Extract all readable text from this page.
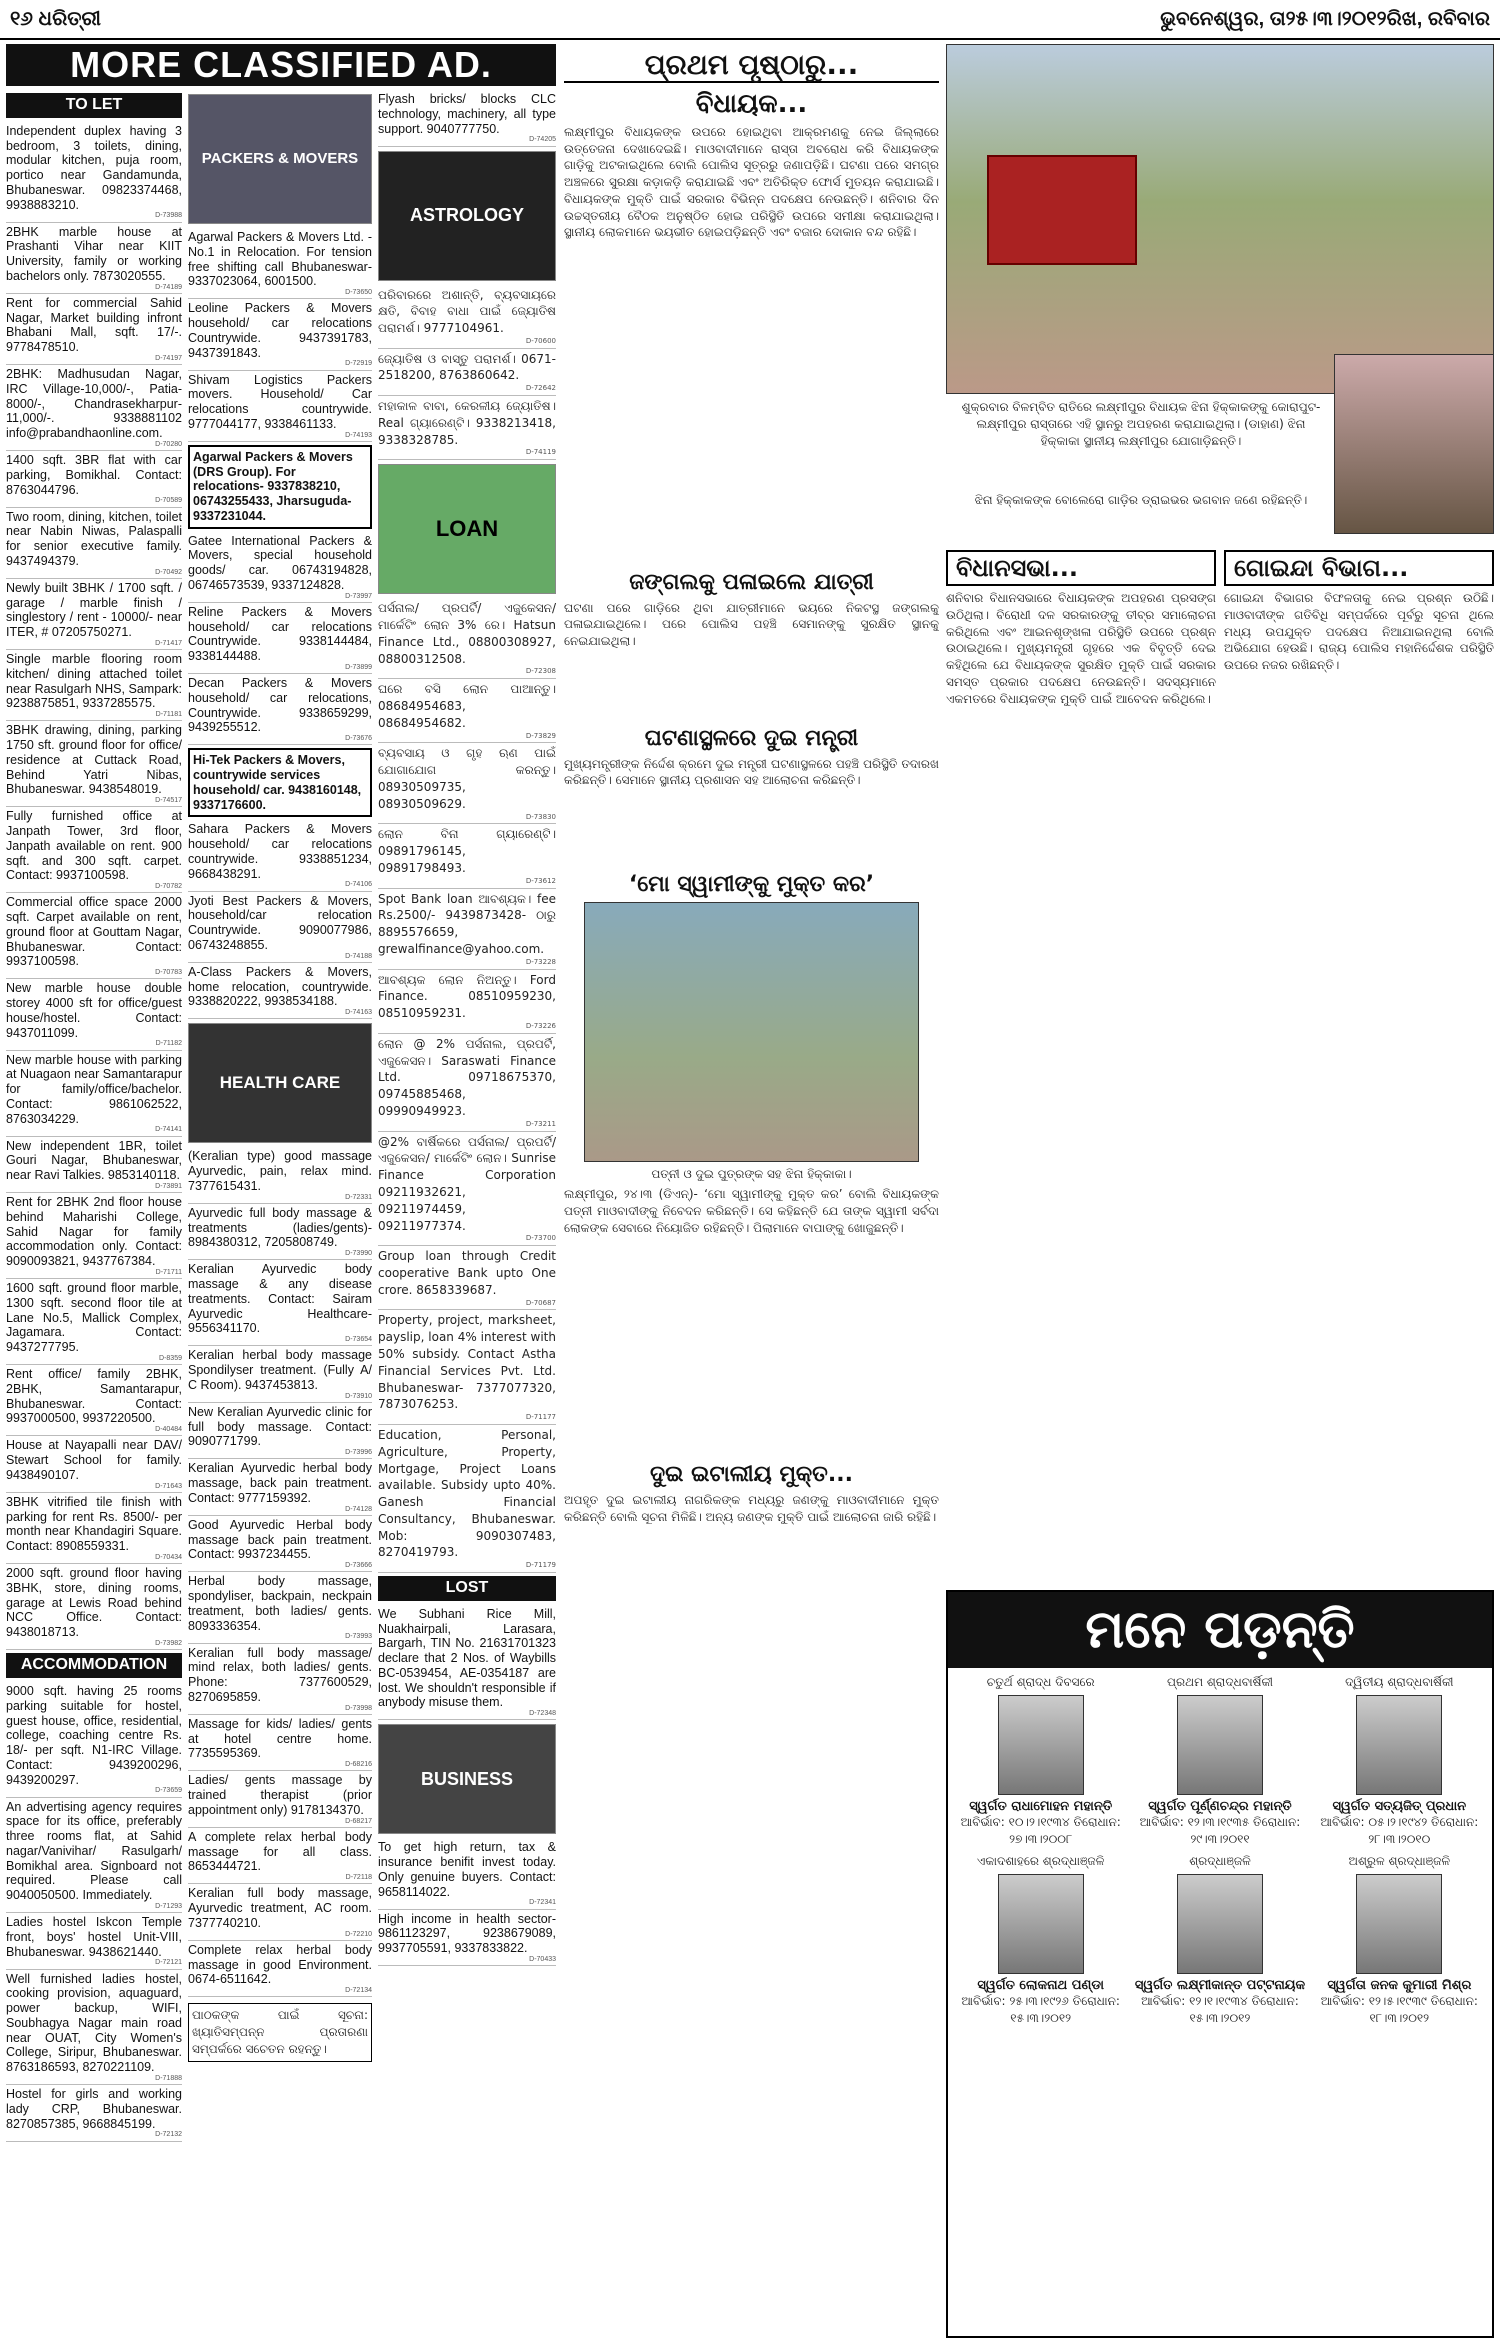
୧୬ ଧରିତ୍ରୀ	ଭୁବନେଶ୍ୱର, ତା୨୫।୩।୨୦୧୨ରିଖ, ରବିବାର
MORE CLASSIFIED AD.
TO LET
Independent duplex having 3 bedroom, 3 toilets, dining, modular kitchen, puja room, portico near Gandamunda, Bhubaneswar. 09823374468, 9938883210.
D-73988
2BHK marble house at Prashanti Vihar near KIIT University, family or working bachelors only. 7873020555.
D-74189
Rent for commercial Sahid Nagar, Market building infront Bhabani Mall, sqft. 17/-. 9778478510.
D-74197
2BHK: Madhusudan Nagar, IRC Village-10,000/-, Patia- 8000/-, Chandrasekharpur-11,000/-. 9338881102 info@prabandhaonline.com.
D-70280
1400 sqft. 3BR flat with car parking, Bomikhal. Contact: 8763044796.
D-70589
Two room, dining, kitchen, toilet near Nabin Niwas, Palaspalli for senior executive family. 9437494379.
D-70492
Newly built 3BHK / 1700 sqft. / garage / marble finish / singlestory / rent - 10000/- near ITER, # 07205750271.
D-71417
Single marble flooring room kitchen/ dining attached toilet near Rasulgarh NHS, Sampark: 9238875851, 9337285575.
D-71181
3BHK drawing, dining, parking 1750 sft. ground floor for office/ residence at Cuttack Road, Behind Yatri Nibas, Bhubaneswar. 9438548019.
D-74517
Fully furnished office at Janpath Tower, 3rd floor, Janpath available on rent. 900 sqft. and 300 sqft. carpet. Contact: 9937100598.
D-70782
Commercial office space 2000 sqft. Carpet available on rent, ground floor at Gouttam Nagar, Bhubaneswar. Contact: 9937100598.
D-70783
New marble house double storey 4000 sft for office/guest house/hostel. Contact: 9437011099.
D-71182
New marble house with parking at Nuagaon near Samantarapur for family/office/bachelor. Contact: 9861062522, 8763034229.
D-74141
New independent 1BR, toilet Gouri Nagar, Bhubaneswar, near Ravi Talkies. 9853140118.
D-73891
Rent for 2BHK 2nd floor house behind Maharishi College, Sahid Nagar for family accommodation only. Contact: 9090093821, 9437767384.
D-71711
1600 sqft. ground floor marble, 1300 sqft. second floor tile at Lane No.5, Mallick Complex, Jagamara. Contact: 9437277795.
D-8359
Rent office/ family 2BHK, 2BHK, Samantarapur, Bhubaneswar. Contact: 9937000500, 9937220500.
D-40484
House at Nayapalli near DAV/ Stewart School for family. 9438490107.
D-71643
3BHK vitrified tile finish with parking for rent Rs. 8500/- per month near Khandagiri Square. Contact: 8908559331.
D-70434
2000 sqft. ground floor having 3BHK, store, dining rooms, garage at Lewis Road behind NCC Office. Contact: 9438018713.
D-73982
ACCOMMODATION
9000 sqft. having 25 rooms parking suitable for hostel, guest house, office, residential, college, coaching centre Rs. 18/- per sqft. N1-IRC Village. Contact: 9439200296, 9439200297.
D-73659
An advertising agency requires space for its office, preferably three rooms flat, at Sahid nagar/Vanivihar/ Rasulgarh/ Bomikhal area. Signboard not required. Please call 9040050500. Immediately.
D-71293
Ladies hostel Iskcon Temple front, boys' hostel Unit-VIII, Bhubaneswar. 9438621440.
D-72121
Well furnished ladies hostel, cooking provision, aquaguard, power backup, WIFI, Soubhagya Nagar main road near OUAT, City Women's College, Siripur, Bhubaneswar. 8763186593, 8270221109.
D-71888
Hostel for girls and working lady CRP, Bhubaneswar. 8270857385, 9668845199.
D-72132
PACKERS & MOVERS
Agarwal Packers & Movers Ltd. - No.1 in Relocation. For tension free shifting call Bhubaneswar- 9337023064, 6001500.
D-73650
Leoline Packers & Movers household/ car relocations Countrywide. 9437391783, 9437391843.
D-72919
Shivam Logistics Packers movers. Household/ Car relocations countrywide. 9777044177, 9338461133.
D-74193
Agarwal Packers & Movers (DRS Group). For relocations- 9337838210, 06743255433, Jharsuguda- 9337231044.
Gatee International Packers & Movers, special household goods/ car. 06743194828, 06746573539, 9337124828.
D-73997
Reline Packers & Movers household/ car relocations Countrywide. 9338144484, 9338144488.
D-73899
Decan Packers & Movers household/ car relocations, Countrywide. 9338659299, 9439255512.
D-73676
Hi-Tek Packers & Movers, countrywide services household/ car. 9438160148, 9337176600.
Sahara Packers & Movers household/ car relocations countrywide. 9338851234, 9668438291.
D-74106
Jyoti Best Packers & Movers, household/car relocation Countrywide. 9090077986, 06743248855.
D-74188
A-Class Packers & Movers, home relocation, countrywide. 9338820222, 9938534188.
D-74163
HEALTH CARE
(Keralian type) good massage Ayurvedic, pain, relax mind. 7377615431.
D-72331
Ayurvedic full body massage & treatments (ladies/gents)- 8984380312, 7205808749.
D-73990
Keralian Ayurvedic body massage & any disease treatments. Contact: Sairam Ayurvedic Healthcare- 9556341170.
D-73654
Keralian herbal body massage Spondilyser treatment. (Fully A/ C Room). 9437453813.
D-73910
New Keralian Ayurvedic clinic for full body massage. Contact: 9090771799.
D-73996
Keralian Ayurvedic herbal body massage, back pain treatment. Contact: 9777159392.
D-74128
Good Ayurvedic Herbal body massage back pain treatment. Contact: 9937234455.
D-73666
Herbal body massage, spondyliser, backpain, neckpain treatment, both ladies/ gents. 8093336354.
D-73993
Keralian full body massage/ mind relax, both ladies/ gents. Phone: 7377600529, 8270695859.
D-73998
Massage for kids/ ladies/ gents at hotel centre home. 7735595369.
D-68216
Ladies/ gents massage by trained therapist (prior appointment only) 9178134370.
D-68217
A complete relax herbal body massage for all class. 8653444721.
D-72118
Keralian full body massage, Ayurvedic treatment, AC room. 7377740210.
D-72210
Complete relax herbal body massage in good Environment. 0674-6511642.
D-72134
ପାଠକଙ୍କ ପାଇଁ ସୂଚନା: ଖ୍ୟାତିସମ୍ପନ୍ନ ପ୍ରତାରଣା ସମ୍ପର୍କରେ ସଚେତନ ରହନ୍ତୁ।
Flyash bricks/ blocks CLC technology, machinery, all type support. 9040777750.
D-74205
ASTROLOGY
ପରିବାରରେ ଅଶାନ୍ତି, ବ୍ୟବସାୟରେ କ୍ଷତି, ବିବାହ ବାଧା ପାଇଁ ଜ୍ୟୋତିଷ ପରାମର୍ଶ। 9777104961.
D-70600
ଜ୍ୟୋତିଷ ଓ ବାସ୍ତୁ ପରାମର୍ଶ। 0671-2518200, 8763860642.
D-72642
ମହାକାଳ ବାବା, କେରଳୀୟ ଜ୍ୟୋତିଷ। Real ଗ୍ୟାରେଣ୍ଟି। 9338213418, 9338328785.
D-74119
LOAN
ପର୍ସନାଲ/ ପ୍ରପର୍ଟି/ ଏଜୁକେସନ/ ମାର୍କେଟିଂ ଲୋନ 3% ରେ। Hatsun Finance Ltd., 08800308927, 08800312508.
D-72308
ଘରେ ବସି ଲୋନ ପାଆନ୍ତୁ। 08684954683, 08684954682.
D-73829
ବ୍ୟବସାୟ ଓ ଗୃହ ଋଣ ପାଇଁ ଯୋଗାଯୋଗ କରନ୍ତୁ। 08930509735, 08930509629.
D-73830
ଲୋନ ବିନା ଗ୍ୟାରେଣ୍ଟି। 09891796145, 09891798493.
D-73612
Spot Bank loan ଆବଶ୍ୟକ। fee Rs.2500/- 9439873428- ଠାରୁ 8895576659, grewalfinance@yahoo.com.
D-73228
ଆବଶ୍ୟକ ଲୋନ ନିଅନ୍ତୁ। Ford Finance. 08510959230, 08510959231.
D-73226
ଲୋନ @ 2% ପର୍ସନାଲ, ପ୍ରପର୍ଟି, ଏଜୁକେସନ। Saraswati Finance Ltd. 09718675370, 09745885468, 09990949923.
D-73211
@2% ବାର୍ଷିକରେ ପର୍ସନାଲ/ ପ୍ରପର୍ଟି/ ଏଜୁକେସନ/ ମାର୍କେଟିଂ ଲୋନ। Sunrise Finance Corporation 09211932621, 09211974459, 09211977374.
D-73700
Group loan through Credit cooperative Bank upto One crore. 8658339687.
D-70687
Property, project, marksheet, payslip, loan 4% interest with 50% subsidy. Contact Astha Financial Services Pvt. Ltd. Bhubaneswar- 7377077320, 7873076253.
D-71177
Education, Personal, Agriculture, Property, Mortgage, Project Loans available. Subsidy upto 40%. Ganesh Financial Consultancy, Bhubaneswar. Mob: 9090307483, 8270419793.
D-71179
LOST
We Subhani Rice Mill, Nuakhairpali, Larasara, Bargarh, TIN No. 21631701323 declare that 2 Nos. of Waybills BC-0539454, AE-0354187 are lost. We shouldn't responsible if anybody misuse them.
D-72348
BUSINESS
To get high return, tax & insurance benifit invest today. Only genuine buyers. Contact: 9658114022.
D-72341
High income in health sector- 9861123297, 9238679089, 9937705591, 9337833822.
D-70433
ପ୍ରଥମ ପୃଷ୍ଠାରୁ...
ବିଧାୟକ...
ଲକ୍ଷ୍ମୀପୁର ବିଧାୟକଙ୍କ ଉପରେ ହୋଇଥିବା ଆକ୍ରମଣକୁ ନେଇ ଜିଲ୍ଲାରେ ଉତ୍ତେଜନା ଦେଖାଦେଇଛି। ମାଓବାଦୀମାନେ ରାସ୍ତା ଅବରୋଧ କରି ବିଧାୟକଙ୍କ ଗାଡ଼ିକୁ ଅଟକାଇଥିଲେ ବୋଲି ପୋଲିସ ସୂତ୍ରରୁ ଜଣାପଡ଼ିଛି। ଘଟଣା ପରେ ସମଗ୍ର ଅଞ୍ଚଳରେ ସୁରକ୍ଷା କଡ଼ାକଡ଼ି କରାଯାଇଛି ଏବଂ ଅତିରିକ୍ତ ଫୋର୍ସ ମୁତୟନ କରାଯାଇଛି। ବିଧାୟକଙ୍କ ମୁକ୍ତି ପାଇଁ ସରକାର ବିଭିନ୍ନ ପଦକ୍ଷେପ ନେଉଛନ୍ତି। ଶନିବାର ଦିନ ଉଚ୍ଚସ୍ତରୀୟ ବୈଠକ ଅନୁଷ୍ଠିତ ହୋଇ ପରିସ୍ଥିତି ଉପରେ ସମୀକ୍ଷା କରାଯାଇଥିଲା। ସ୍ଥାନୀୟ ଲୋକମାନେ ଭୟଭୀତ ହୋଇପଡ଼ିଛନ୍ତି ଏବଂ ବଜାର ଦୋକାନ ବନ୍ଦ ରହିଛି।
ଜଙ୍ଗଲକୁ ପଳାଇଲେ ଯାତ୍ରୀ
ଘଟଣା ପରେ ଗାଡ଼ିରେ ଥିବା ଯାତ୍ରୀମାନେ ଭୟରେ ନିକଟସ୍ଥ ଜଙ୍ଗଲକୁ ପଳାଇଯାଇଥିଲେ। ପରେ ପୋଲିସ ପହଞ୍ଚି ସେମାନଙ୍କୁ ସୁରକ୍ଷିତ ସ୍ଥାନକୁ ନେଇଯାଇଥିଲା।
ଘଟଣାସ୍ଥଳରେ ଦୁଇ ମନ୍ତ୍ରୀ
ମୁଖ୍ୟମନ୍ତ୍ରୀଙ୍କ ନିର୍ଦ୍ଦେଶ କ୍ରମେ ଦୁଇ ମନ୍ତ୍ରୀ ଘଟଣାସ୍ଥଳରେ ପହଞ୍ଚି ପରିସ୍ଥିତି ତଦାରଖ କରିଛନ୍ତି। ସେମାନେ ସ୍ଥାନୀୟ ପ୍ରଶାସନ ସହ ଆଲୋଚନା କରିଛନ୍ତି।
‘ମୋ ସ୍ୱାମୀଙ୍କୁ ମୁକ୍ତ କର’
ପତ୍ନୀ ଓ ଦୁଇ ପୁତ୍ରଙ୍କ ସହ ଝିନା ହିକ୍କାକା।
ଲକ୍ଷ୍ମୀପୁର, ୨୪।୩ (ଡିଏନ୍‌)- ‘ମୋ ସ୍ୱାମୀଙ୍କୁ ମୁକ୍ତ କର’ ବୋଲି ବିଧାୟକଙ୍କ ପତ୍ନୀ ମାଓବାଦୀଙ୍କୁ ନିବେଦନ କରିଛନ୍ତି। ସେ କହିଛନ୍ତି ଯେ ତାଙ୍କ ସ୍ୱାମୀ ସର୍ବଦା ଲୋକଙ୍କ ସେବାରେ ନିୟୋଜିତ ରହିଛନ୍ତି। ପିଲାମାନେ ବାପାଙ୍କୁ ଖୋଜୁଛନ୍ତି।
ଦୁଇ ଇଟାଲୀୟ ମୁକ୍ତ...
ଅପହୃତ ଦୁଇ ଇଟାଲୀୟ ନାଗରିକଙ୍କ ମଧ୍ୟରୁ ଜଣଙ୍କୁ ମାଓବାଦୀମାନେ ମୁକ୍ତ କରିଛନ୍ତି ବୋଲି ସୂଚନା ମିଳିଛି। ଅନ୍ୟ ଜଣଙ୍କ ମୁକ୍ତି ପାଇଁ ଆଲୋଚନା ଜାରି ରହିଛି।
ଶୁକ୍ରବାର ବିଳମ୍ବିତ ରାତିରେ ଲକ୍ଷ୍ମୀପୁର ବିଧାୟକ ଝିନା ହିକ୍କାକଙ୍କୁ କୋରାପୁଟ-ଲକ୍ଷ୍ମୀପୁର ରାସ୍ତାରେ ଏହି ସ୍ଥାନରୁ ଅପହରଣ କରାଯାଇଥିଲା। (ଡାହାଣ) ଝିନା ହିକ୍କାକା ସ୍ଥାନୀୟ ଲକ୍ଷ୍ମୀପୁର ଯୋଗାଡ଼ିଛନ୍ତି।
ଝିନା ହିକ୍କାକଙ୍କ ବୋଲେରୋ ଗାଡ଼ିର ଡ୍ରାଇଭର ଭଗବାନ ଜଣେ ରହିଛନ୍ତି।
ବିଧାନସଭା...
ଶନିବାର ବିଧାନସଭାରେ ବିଧାୟକଙ୍କ ଅପହରଣ ପ୍ରସଙ୍ଗ ଉଠିଥିଲା। ବିରୋଧୀ ଦଳ ସରକାରଙ୍କୁ ତୀବ୍ର ସମାଲୋଚନା କରିଥିଲେ ଏବଂ ଆଇନଶୃଙ୍ଖଳା ପରିସ୍ଥିତି ଉପରେ ପ୍ରଶ୍ନ ଉଠାଇଥିଲେ। ମୁଖ୍ୟମନ୍ତ୍ରୀ ଗୃହରେ ଏକ ବିବୃତ୍ତି ଦେଇ କହିଥିଲେ ଯେ ବିଧାୟକଙ୍କ ସୁରକ୍ଷିତ ମୁକ୍ତି ପାଇଁ ସରକାର ସମସ୍ତ ପ୍ରକାର ପଦକ୍ଷେପ ନେଉଛନ୍ତି। ସଦସ୍ୟମାନେ ଏକମତରେ ବିଧାୟକଙ୍କ ମୁକ୍ତି ପାଇଁ ଆବେଦନ କରିଥିଲେ।
ଗୋଇନ୍ଦା ବିଭାଗ...
ଗୋଇନ୍ଦା ବିଭାଗର ବିଫଳତାକୁ ନେଇ ପ୍ରଶ୍ନ ଉଠିଛି। ମାଓବାଦୀଙ୍କ ଗତିବିଧି ସମ୍ପର୍କରେ ପୂର୍ବରୁ ସୂଚନା ଥିଲେ ମଧ୍ୟ ଉପଯୁକ୍ତ ପଦକ୍ଷେପ ନିଆଯାଇନଥିଲା ବୋଲି ଅଭିଯୋଗ ହେଉଛି। ରାଜ୍ୟ ପୋଲିସ ମହାନିର୍ଦ୍ଦେଶକ ପରିସ୍ଥିତି ଉପରେ ନଜର ରଖିଛନ୍ତି।
ମନେ ପଡ଼ନ୍ତି
ଚତୁର୍ଥ ଶ୍ରାଦ୍ଧ ଦିବସରେ
ସ୍ୱର୍ଗତ ରାଧାମୋହନ ମହାନ୍ତି
ଆବିର୍ଭାବ: ୧୦।୨।୧୯୩୪ ତିରୋଧାନ: ୨୭।୩।୨୦୦୮
ପ୍ରଥମ ଶ୍ରାଦ୍ଧବାର୍ଷିକୀ
ସ୍ୱର୍ଗତ ପୂର୍ଣ୍ଣଚନ୍ଦ୍ର ମହାନ୍ତି
ଆବିର୍ଭାବ: ୧୨।୩।୧୯୩୫ ତିରୋଧାନ: ୨୯।୩।୨୦୧୧
ଦ୍ୱିତୀୟ ଶ୍ରାଦ୍ଧବାର୍ଷିକୀ
ସ୍ୱର୍ଗତ ସତ୍ୟଜିତ୍ ପ୍ରଧାନ
ଆବିର୍ଭାବ: ୦୫।୨।୧୯୪୨ ତିରୋଧାନ: ୨୮।୩।୨୦୧୦
ଏକାଦଶାହରେ ଶ୍ରଦ୍ଧାଞ୍ଜଳି
ସ୍ୱର୍ଗତ ଲୋକନାଥ ପଣ୍ଡା
ଆବିର୍ଭାବ: ୨୫।୩।୧୯୨୬ ତିରୋଧାନ: ୧୫।୩।୨୦୧୨
ଶ୍ରଦ୍ଧାଞ୍ଜଳି
ସ୍ୱର୍ଗତ ଲକ୍ଷ୍ମୀକାନ୍ତ ପଟ୍ଟନାୟକ
ଆବିର୍ଭାବ: ୧୨।୧।୧୯୩୪ ତିରୋଧାନ: ୧୫।୩।୨୦୧୨
ଅଶ୍ରୁଳ ଶ୍ରଦ୍ଧାଞ୍ଜଳି
ସ୍ୱର୍ଗତା ଜନକ କୁମାରୀ ମିଶ୍ର
ଆବିର୍ଭାବ: ୧୨।୫।୧୯୩୯ ତିରୋଧାନ: ୧୮।୩।୨୦୧୨
